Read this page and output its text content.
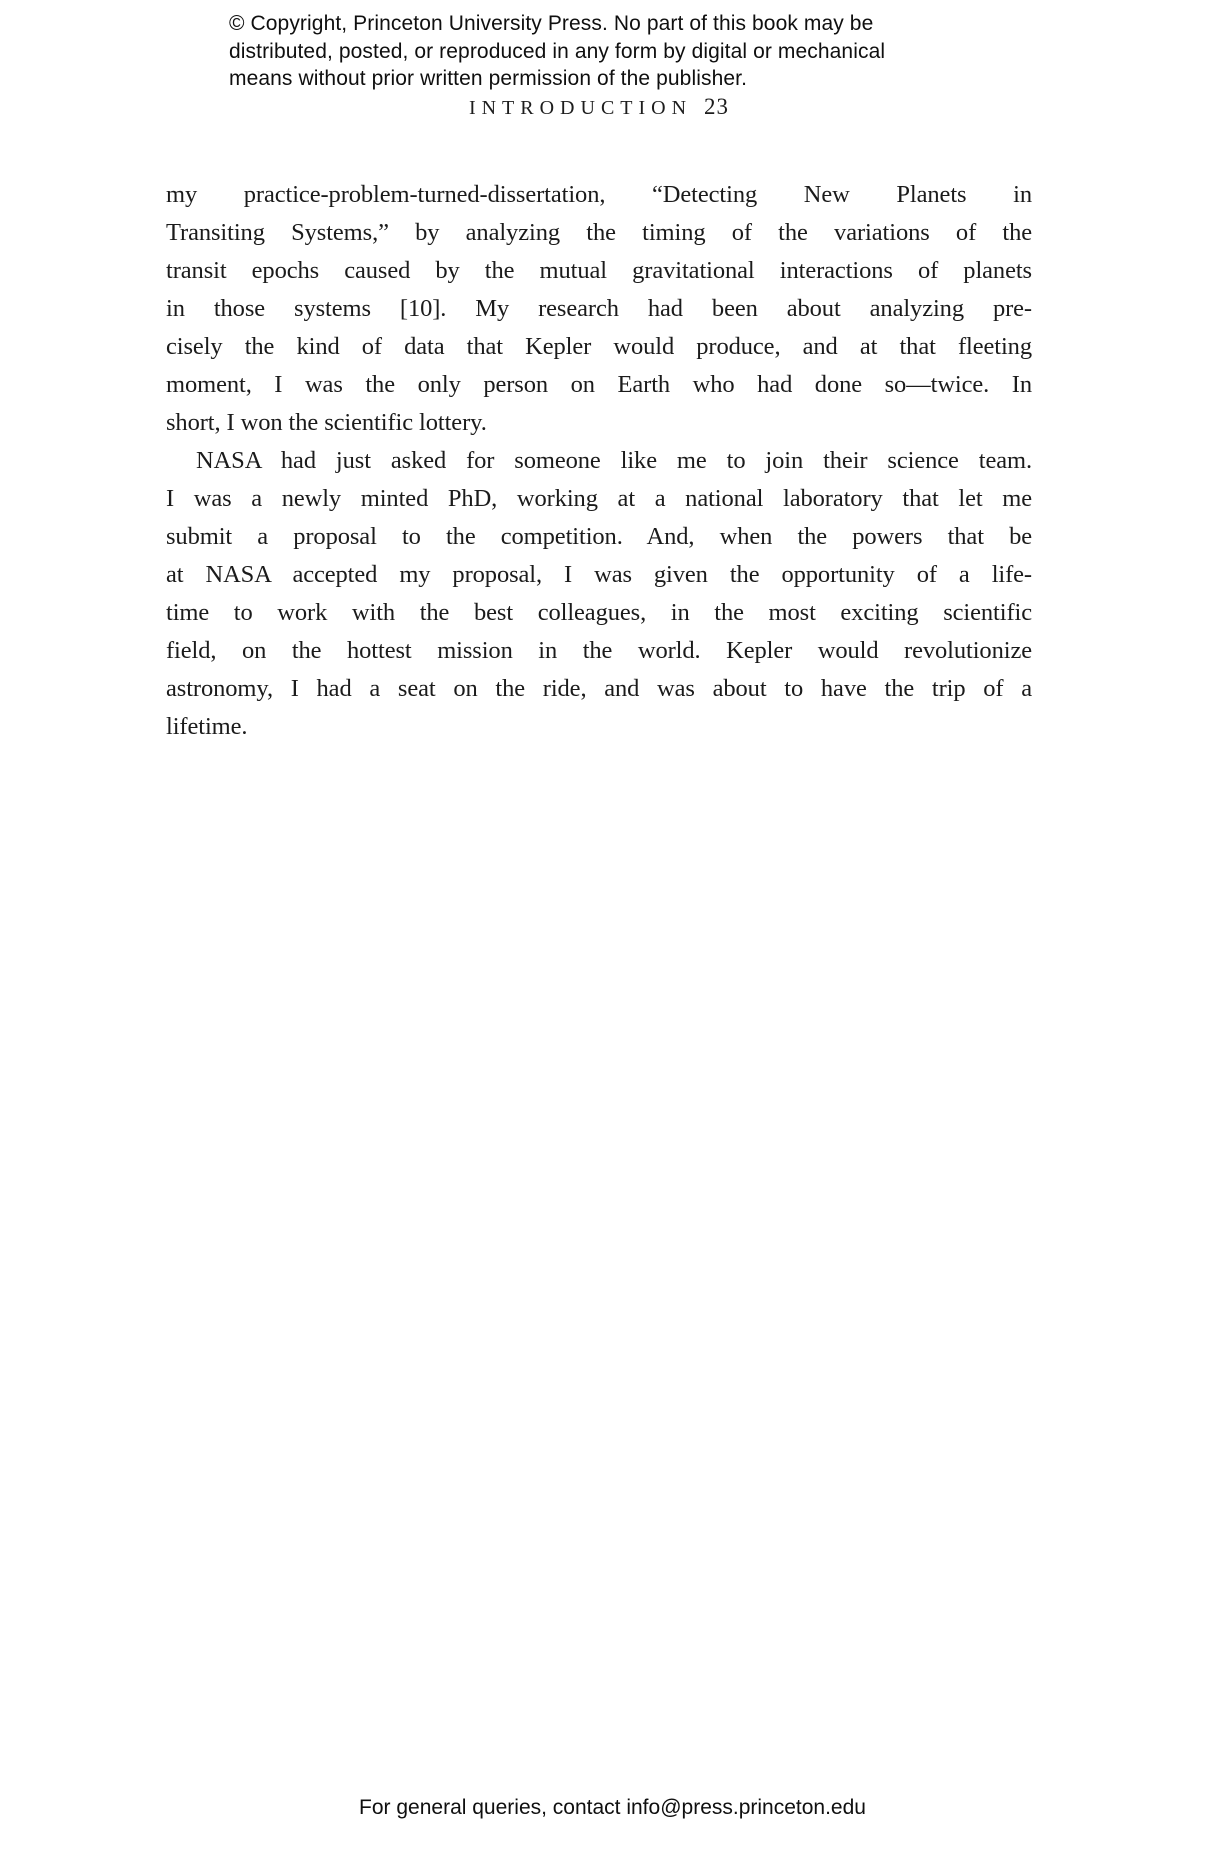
© Copyright, Princeton University Press. No part of this book may be
distributed, posted, or reproduced in any form by digital or mechanical
means without prior written permission of the publisher.
INTRODUCTION 23
my practice-problem-turned-dissertation, “Detecting New Planets in
Transiting Systems,” by analyzing the timing of the variations of the
transit epochs caused by the mutual gravitational interactions of planets
in those systems [10]. My research had been about analyzing pre-
cisely the kind of data that Kepler would produce, and at that fleeting
moment, I was the only person on Earth who had done so—twice. In
short, I won the scientific lottery.
NASA had just asked for someone like me to join their science team.
I was a newly minted PhD, working at a national laboratory that let me
submit a proposal to the competition. And, when the powers that be
at NASA accepted my proposal, I was given the opportunity of a life-
time to work with the best colleagues, in the most exciting scientific
field, on the hottest mission in the world. Kepler would revolutionize
astronomy, I had a seat on the ride, and was about to have the trip of a
lifetime.
For general queries, contact info@press.princeton.edu
